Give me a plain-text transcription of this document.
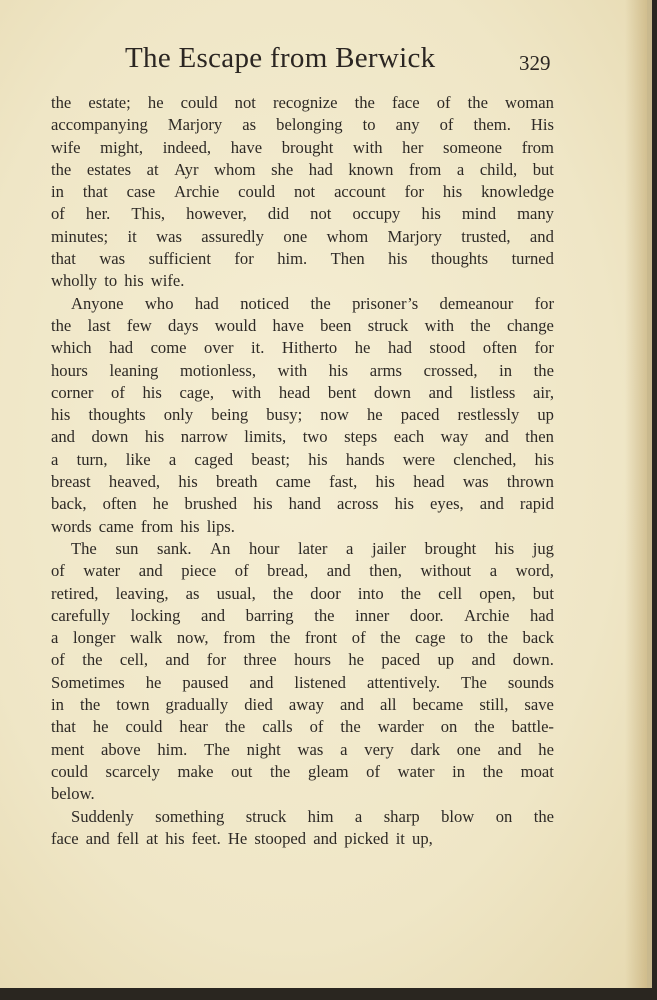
The Escape from Berwick	329
the estate; he could not recognize the face of the woman
accompanying Marjory as belonging to any of them. His
wife might, indeed, have brought with her someone from
the estates at Ayr whom she had known from a child, but
in that case Archie could not account for his knowledge
of her. This, however, did not occupy his mind many
minutes; it was assuredly one whom Marjory trusted, and
that was sufficient for him. Then his thoughts turned
wholly to his wife.
Anyone who had noticed the prisoner’s demeanour for
the last few days would have been struck with the change
which had come over it. Hitherto he had stood often for
hours leaning motionless, with his arms crossed, in the
corner of his cage, with head bent down and listless air,
his thoughts only being busy; now he paced restlessly up
and down his narrow limits, two steps each way and then
a turn, like a caged beast; his hands were clenched, his
breast heaved, his breath came fast, his head was thrown
back, often he brushed his hand across his eyes, and rapid
words came from his lips.
The sun sank. An hour later a jailer brought his jug
of water and piece of bread, and then, without a word,
retired, leaving, as usual, the door into the cell open, but
carefully locking and barring the inner door. Archie had
a longer walk now, from the front of the cage to the back
of the cell, and for three hours he paced up and down.
Sometimes he paused and listened attentively. The sounds
in the town gradually died away and all became still, save
that he could hear the calls of the warder on the battle-
ment above him. The night was a very dark one and he
could scarcely make out the gleam of water in the moat
below.
Suddenly something struck him a sharp blow on the
face and fell at his feet. He stooped and picked it up,
